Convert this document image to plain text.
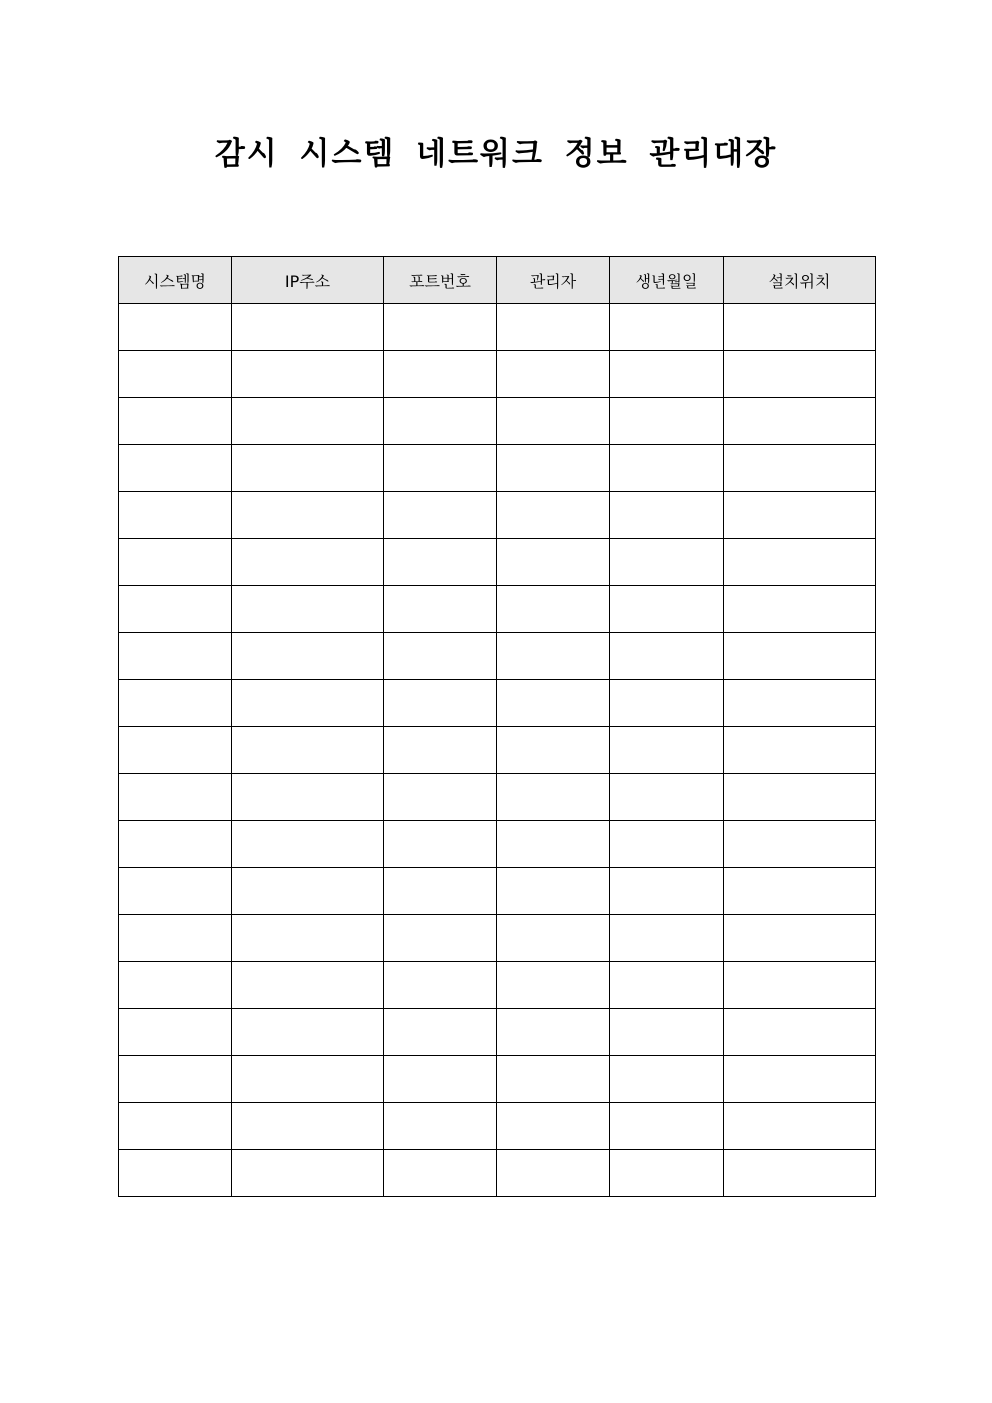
감시 시스템 네트워크 정보 관리대장
시스템명	IP주소	포트번호	관리자	생년월일	설치위치
